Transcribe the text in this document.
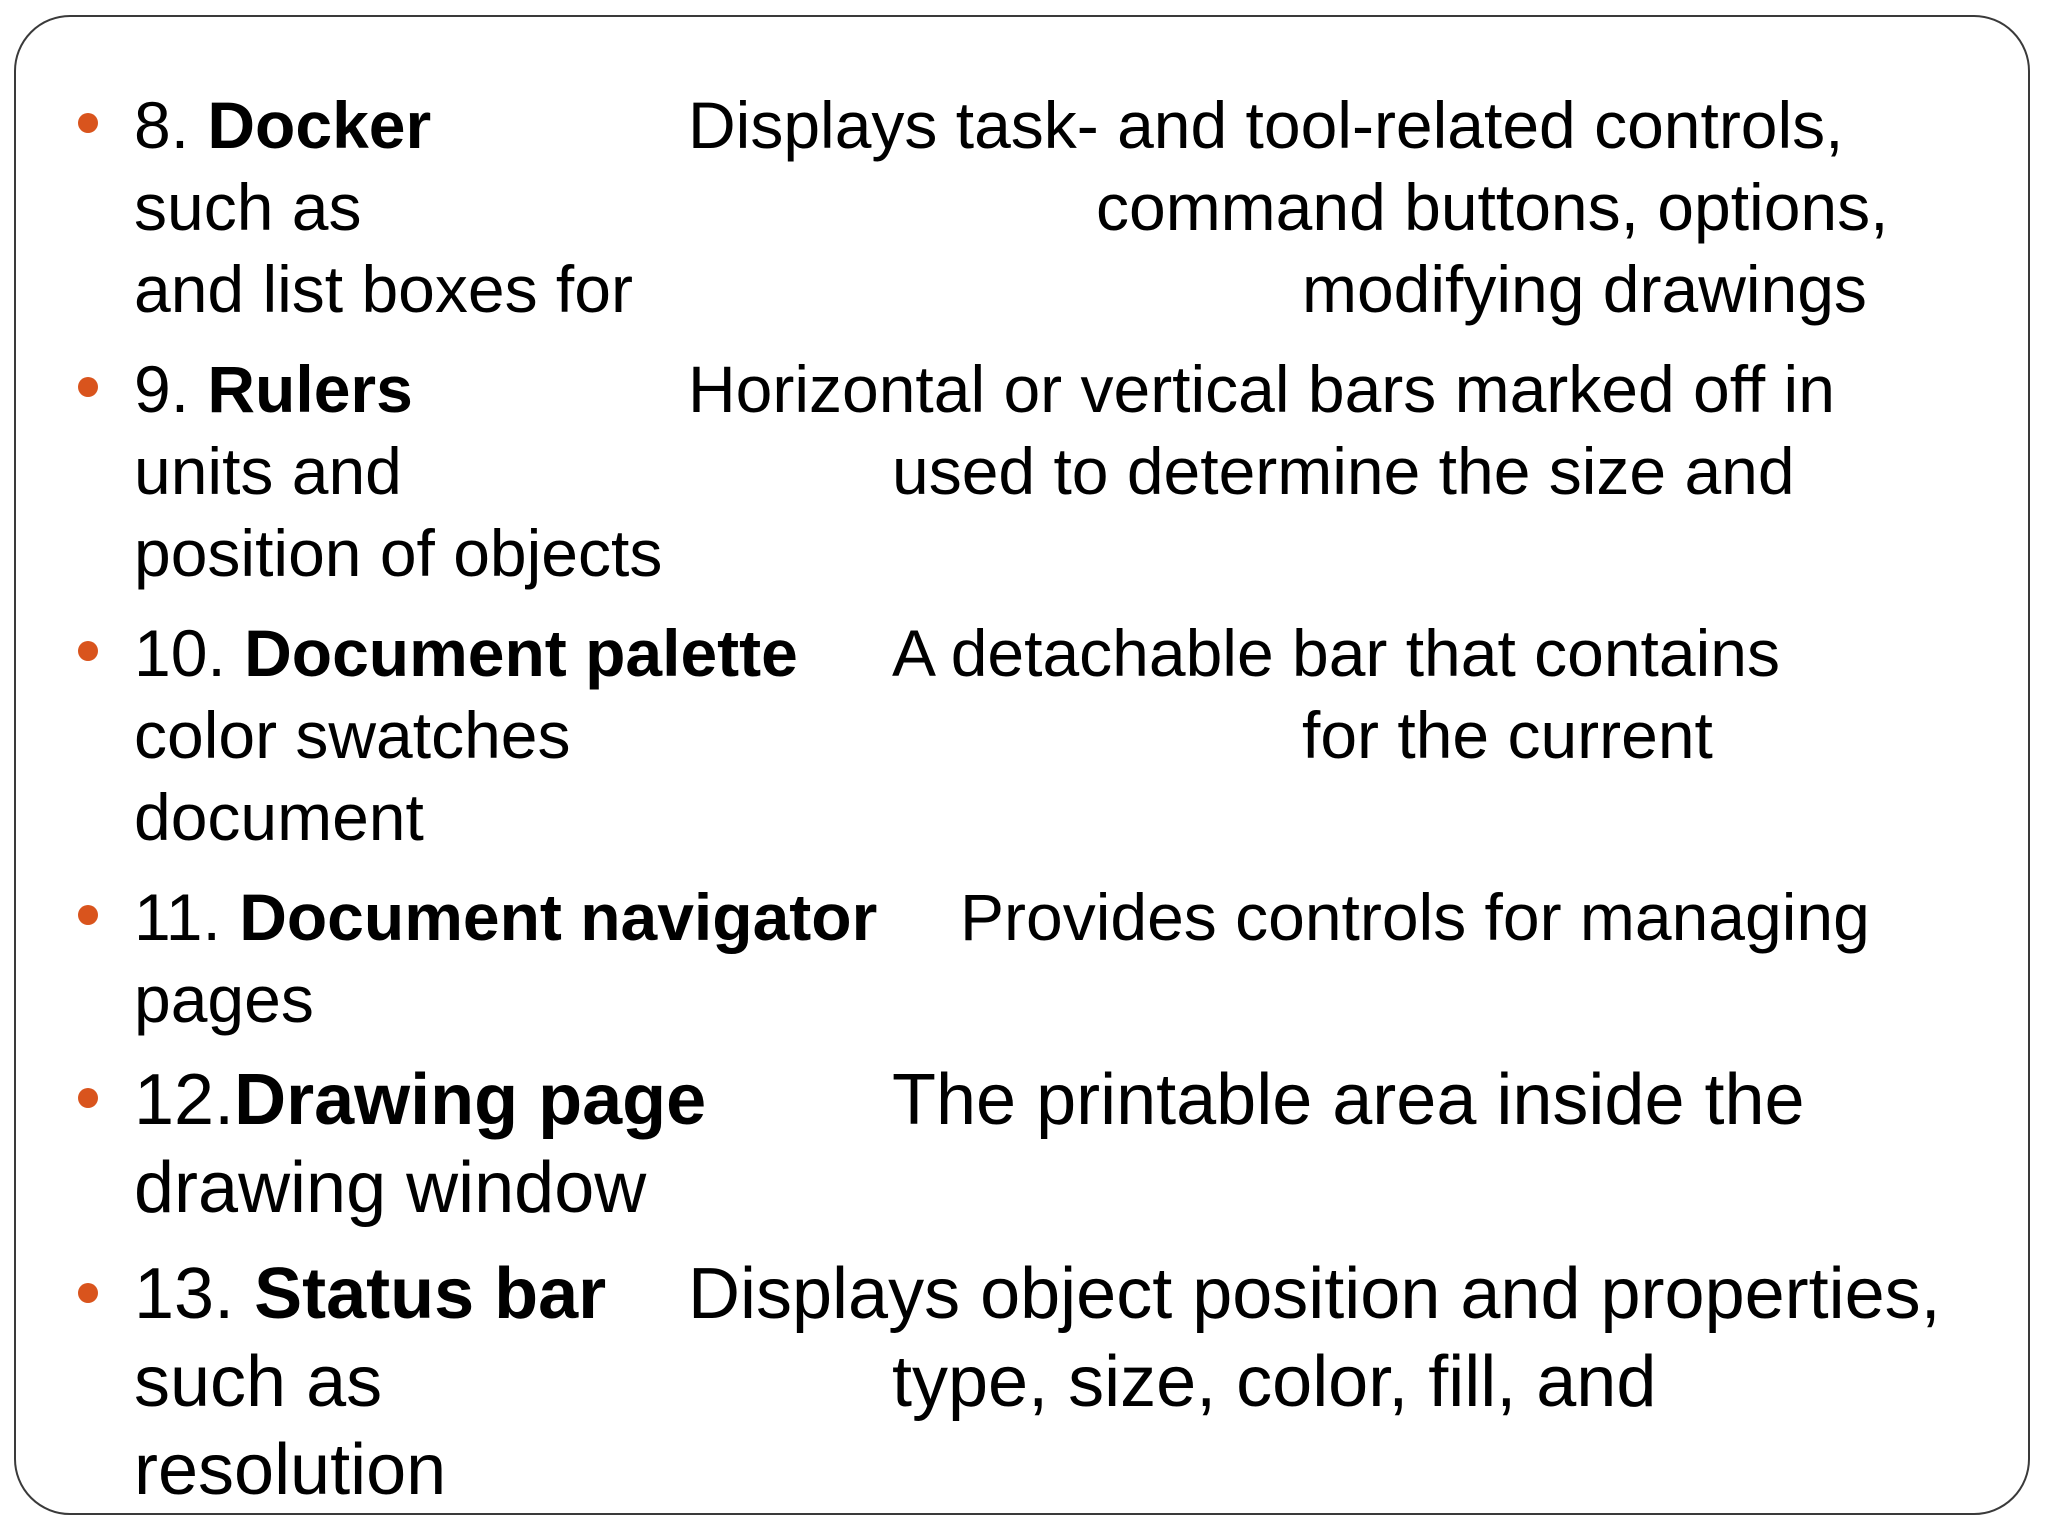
8. Docker	Displays task- and tool-related controls,
such as	command buttons, options,
and list boxes for	modifying drawings
9. Rulers	Horizontal or vertical bars marked off in
units and	used to determine the size and
position of objects
10. Document palette A detachable bar that contains
color swatches	for the current
document
11. Document navigator Provides controls for managing
pages
12.Drawing page	The printable area inside the
drawing window
13. Status bar Displays object position and properties,
such as	type, size, color, fill, and
resolution
